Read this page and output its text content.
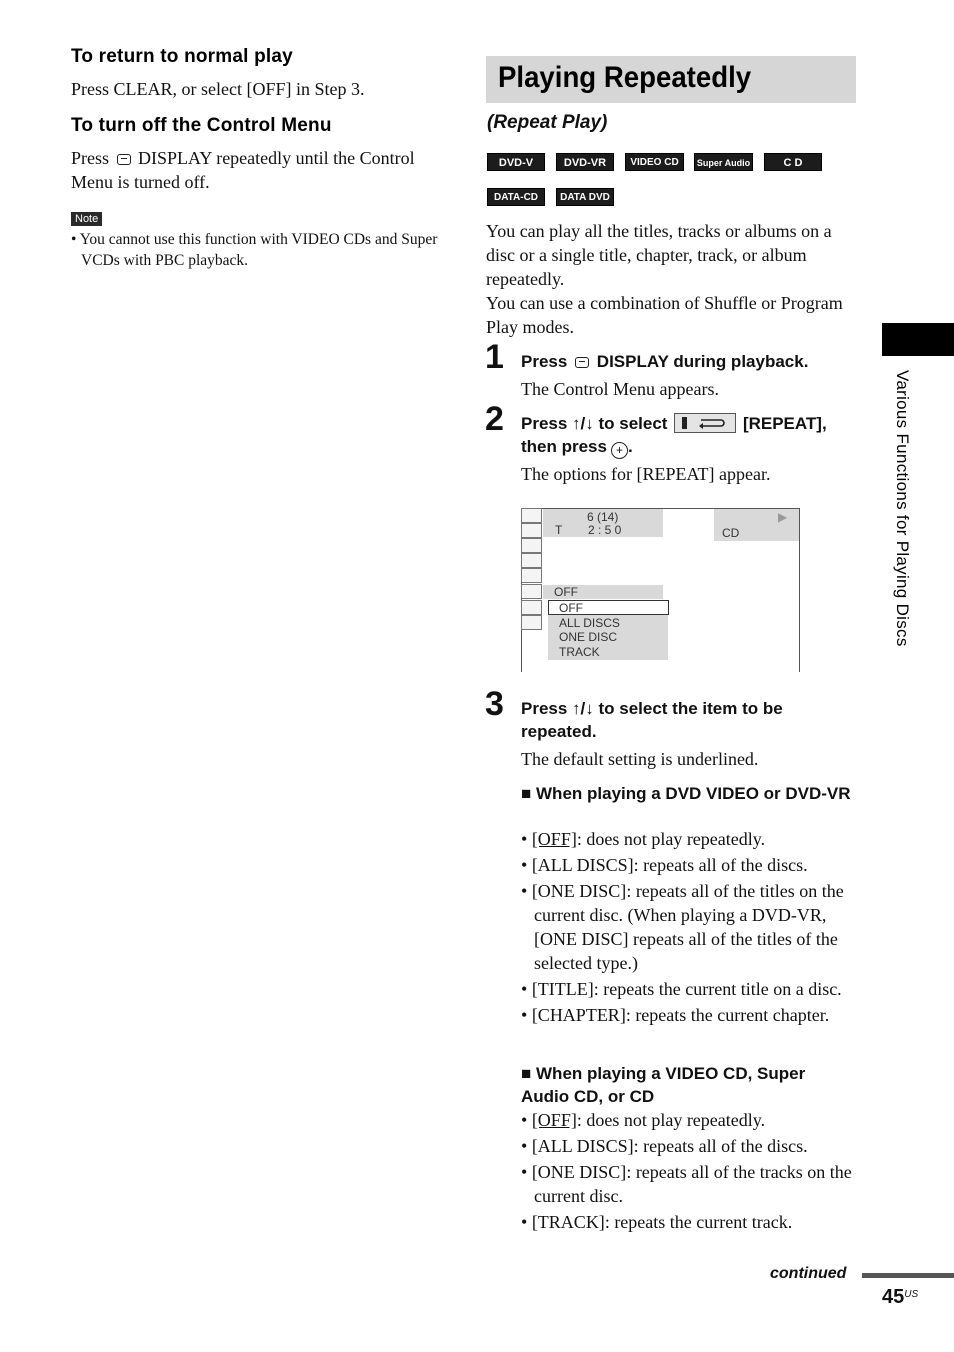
To return to normal play
Press CLEAR, or select [OFF] in Step 3.
To turn off the Control Menu
Press DISPLAY repeatedly until the Control Menu is turned off.
Note
• You cannot use this function with VIDEO CDs and Super VCDs with PBC playback.
Playing Repeatedly
(Repeat Play)
DVD-V	DVD-VR	VIDEO CD	Super Audio CD
C D
DATA-CD	DATA DVD
You can play all the titles, tracks or albums on a disc or a single title, chapter, track, or album repeatedly.
You can use a combination of Shuffle or Program Play modes.
1 Press DISPLAY during playback.
The Control Menu appears.
2 Press ↑/↓ to select	[REPEAT],
then press + .
The options for [REPEAT] appear.
6 (14)
T 2 : 5 0	CD
▶
OFF
OFF
ALL DISCS
ONE DISC
TRACK
3 Press ↑/↓ to select the item to be repeated.
The default setting is underlined.
■ When playing a DVD VIDEO or DVD-VR
• [OFF]: does not play repeatedly.
• [ALL DISCS]: repeats all of the discs.
• [ONE DISC]: repeats all of the titles on the current disc. (When playing a DVD-VR, [ONE DISC] repeats all of the titles of the selected type.)
• [TITLE]: repeats the current title on a disc.
• [CHAPTER]: repeats the current chapter.
■ When playing a VIDEO CD, Super Audio CD, or CD
• [OFF]: does not play repeatedly.
• [ALL DISCS]: repeats all of the discs.
• [ONE DISC]: repeats all of the tracks on the current disc.
• [TRACK]: repeats the current track.
Various Functions for Playing Discs
continued
$45^{US}$
